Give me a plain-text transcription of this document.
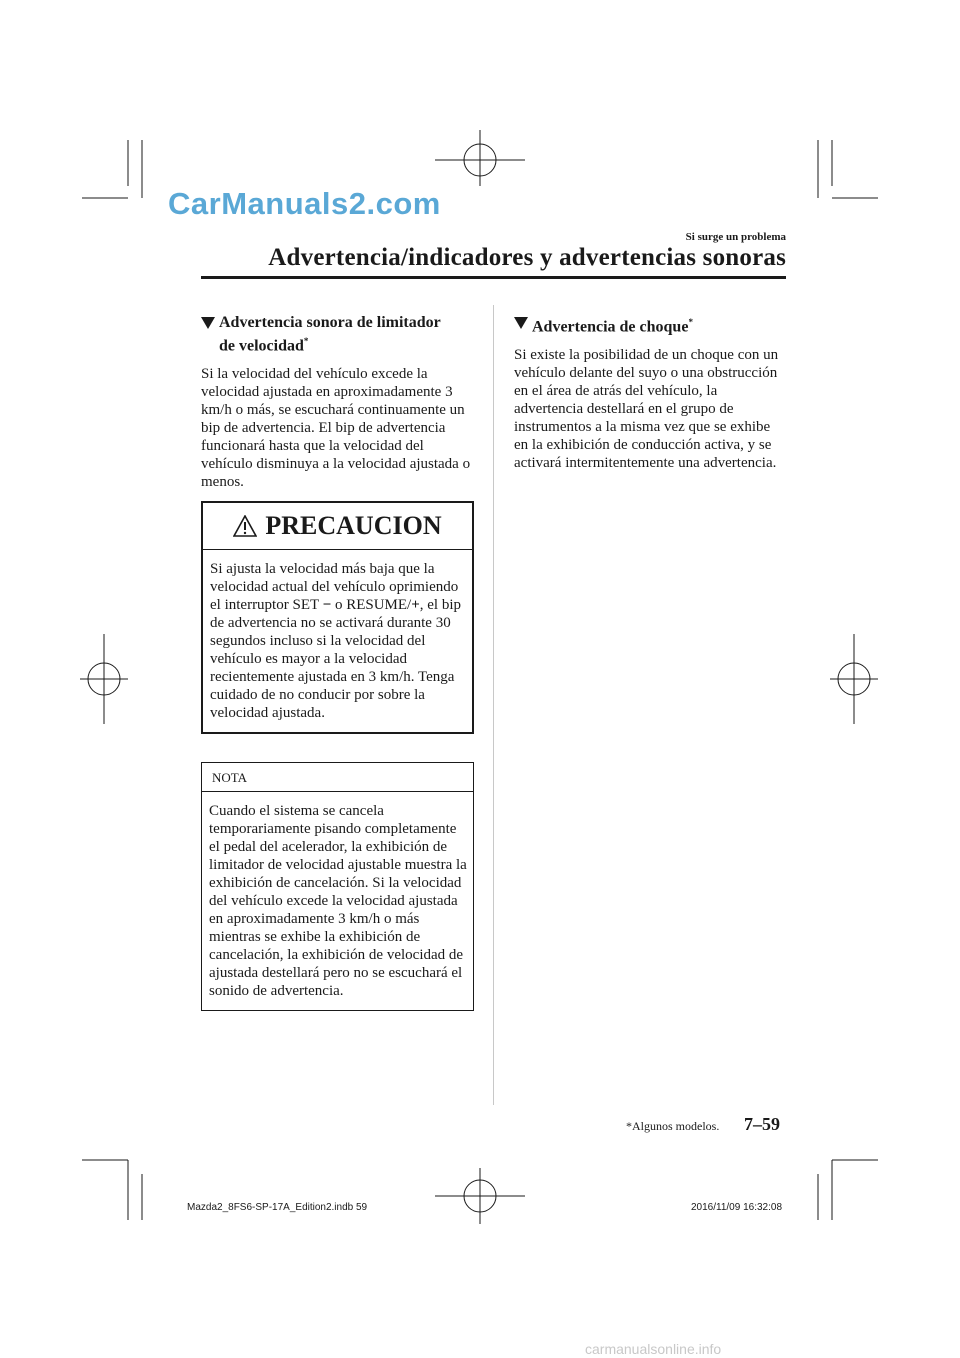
CarManuals2.com
Si surge un problema
Advertencia/indicadores y advertencias sonoras
Advertencia sonora de limitador
de velocidad*

Si la velocidad del vehículo excede la velocidad ajustada en aproximadamente 3 km/h o más, se escuchará continuamente un bip de advertencia. El bip de advertencia funcionará hasta que la velocidad del vehículo disminuya a la velocidad ajustada o menos.

PRECAUCION

Si ajusta la velocidad más baja que la velocidad actual del vehículo oprimiendo el interruptor SET − o RESUME/+, el bip de advertencia no se activará durante 30 segundos incluso si la velocidad del vehículo es mayor a la velocidad recientemente ajustada en 3 km/h. Tenga cuidado de no conducir por sobre la velocidad ajustada.

NOTA

Cuando el sistema se cancela temporariamente pisando completamente el pedal del acelerador, la exhibición de limitador de velocidad ajustable muestra la exhibición de cancelación. Si la velocidad del vehículo excede la velocidad ajustada en aproximadamente 3 km/h o más mientras se exhibe la exhibición de cancelación, la exhibición de velocidad de ajustada destellará pero no se escuchará el sonido de advertencia.

Advertencia de choque*

Si existe la posibilidad de un choque con un vehículo delante del suyo o una obstrucción en el área de atrás del vehículo, la advertencia destellará en el grupo de instrumentos a la misma vez que se exhibe en la exhibición de conducción activa, y se activará intermitentemente una advertencia.

*Algunos modelos. 7–59
Mazda2_8FS6-SP-17A_Edition2.indb 59	2016/11/09 16:32:08
carmanualsonline.info
